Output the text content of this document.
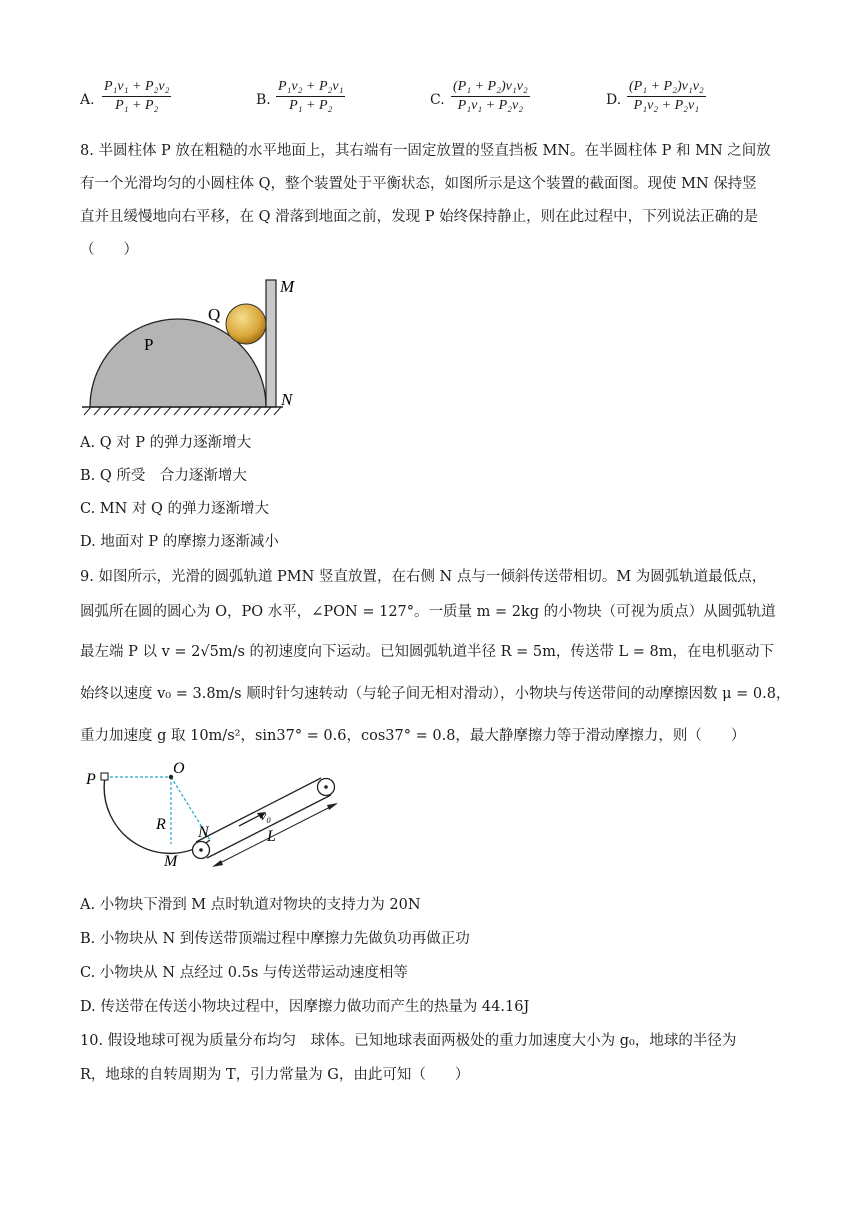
A. $\frac{\text{P₁v₁ + P₂v₂}}{\text{P₁ + P₂}}$	B. $\frac{\text{P₁v₂ + P₂v₁}}{\text{P₁ + P₂}}$	C. $\frac{\text{(P₁ + P₂)v₁v₂}}{\text{P₁v₁ + P₂v₂}}$	D. $\frac{\text{(P₁ + P₂)v₁v₂}}{\text{P₁v₂ + P₂v₁}}$
8. 半圆柱体 P 放在粗糙的水平地面上，其右端有一固定放置的竖直挡板 MN。在半圆柱体 P 和 MN 之间放
有一个光滑均匀的小圆柱体 Q，整个装置处于平衡状态，如图所示是这个装置的截面图。现使 MN 保持竖
直并且缓慢地向右平移，在 Q 滑落到地面之前，发现 P 始终保持静止，则在此过程中，下列说法正确的是
（　　）
P
Q
M
N
A. Q 对 P 的弹力逐渐增大
B. Q 所受　合力逐渐增大
C. MN 对 Q 的弹力逐渐增大
D. 地面对 P 的摩擦力逐渐减小
9. 如图所示，光滑的圆弧轨道 PMN 竖直放置，在右侧 N 点与一倾斜传送带相切。M 为圆弧轨道最低点，
圆弧所在圆的圆心为 O，PO 水平，∠PON = 127°。一质量 m = 2kg 的小物块（可视为质点）从圆弧轨道
最左端 P 以 v = 2√5m/s 的初速度向下运动。已知圆弧轨道半径 R = 5m，传送带 L = 8m，在电机驱动下
始终以速度 v₀ = 3.8m/s 顺时针匀速转动（与轮子间无相对滑动），小物块与传送带间的动摩擦因数 μ = 0.8，
重力加速度 g 取 10m/s²，sin37° = 0.6，cos37° = 0.8，最大静摩擦力等于滑动摩擦力，则（　　）
P
O
R N
M
v₀
L
A. 小物块下滑到 M 点时轨道对物块的支持力为 20N
B. 小物块从 N 到传送带顶端过程中摩擦力先做负功再做正功
C. 小物块从 N 点经过 0.5s 与传送带运动速度相等
D. 传送带在传送小物块过程中，因摩擦力做功而产生的热量为 44.16J
10. 假设地球可视为质量分布均匀　球体。已知地球表面两极处的重力加速度大小为 g₀，地球的半径为
R，地球的自转周期为 T，引力常量为 G，由此可知（　　）
